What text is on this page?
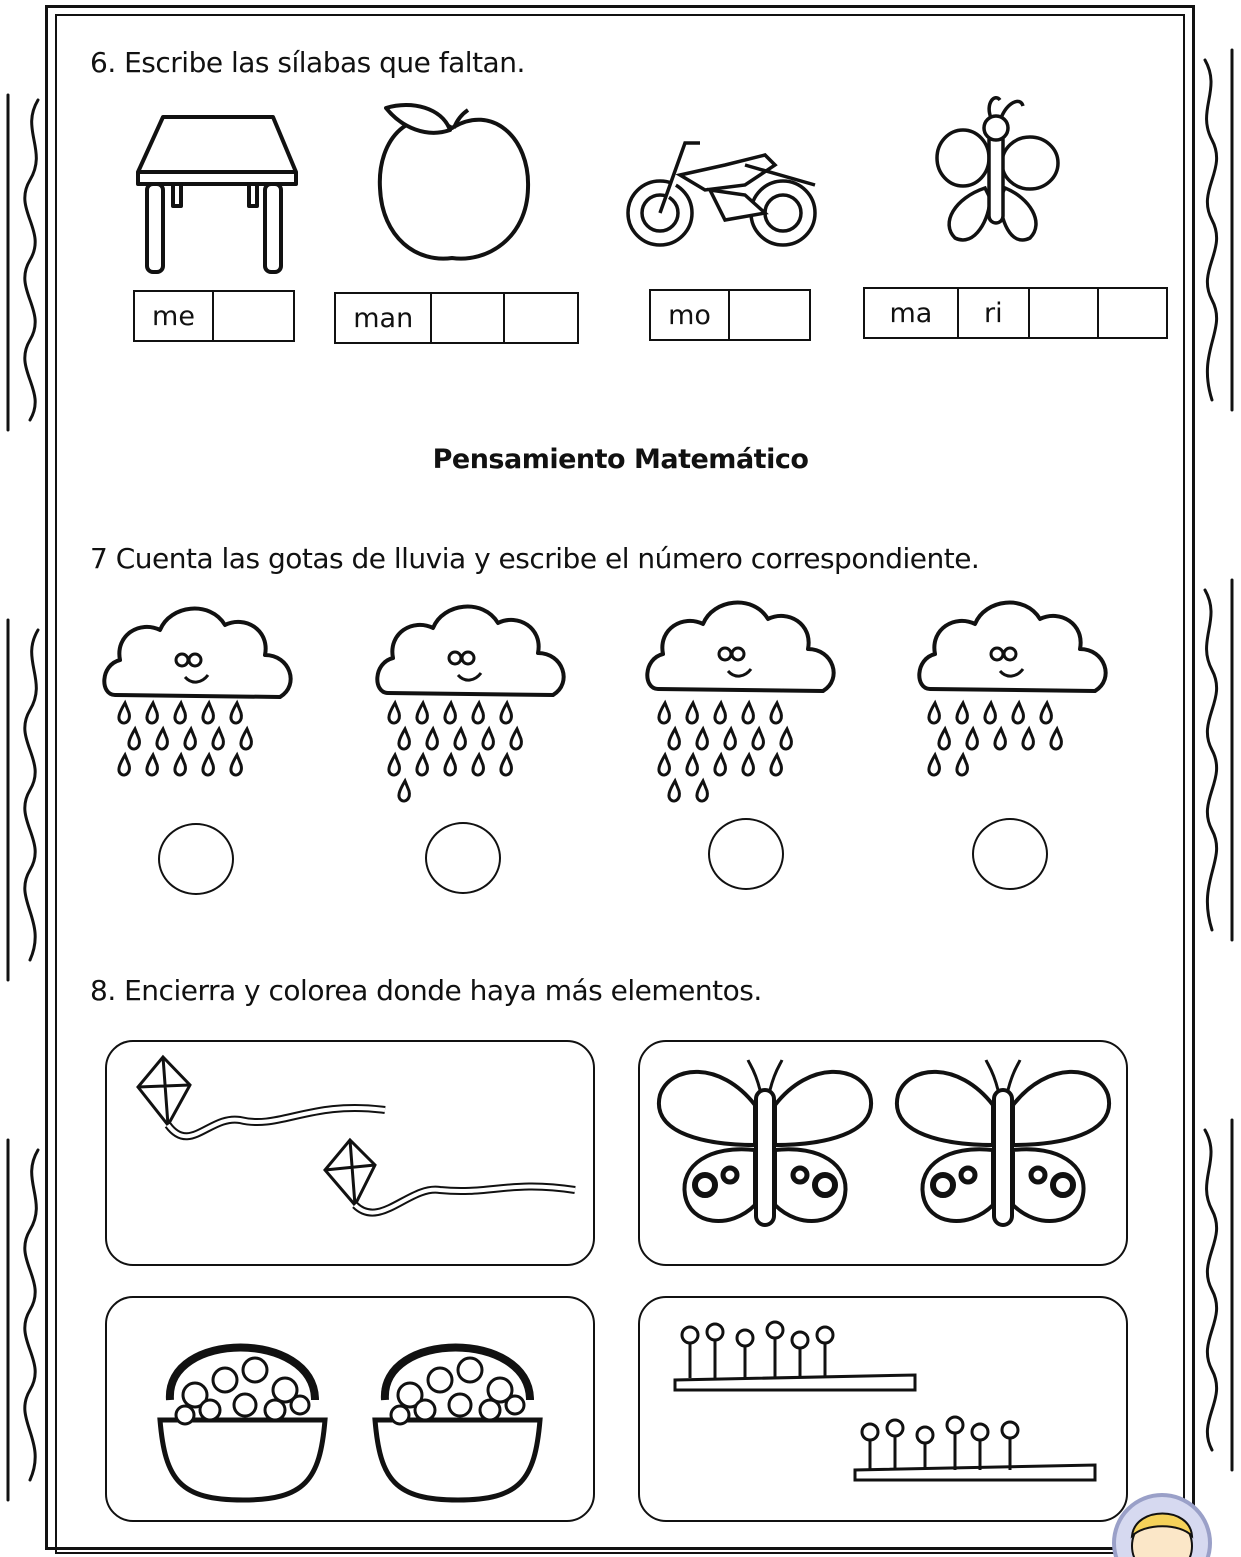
6. Escribe las sílabas que faltan.
me	man	mo	ma	ri
Pensamiento Matemático
7 Cuenta las gotas de lluvia y escribe el número correspondiente.
8. Encierra y colorea donde haya más elementos.
